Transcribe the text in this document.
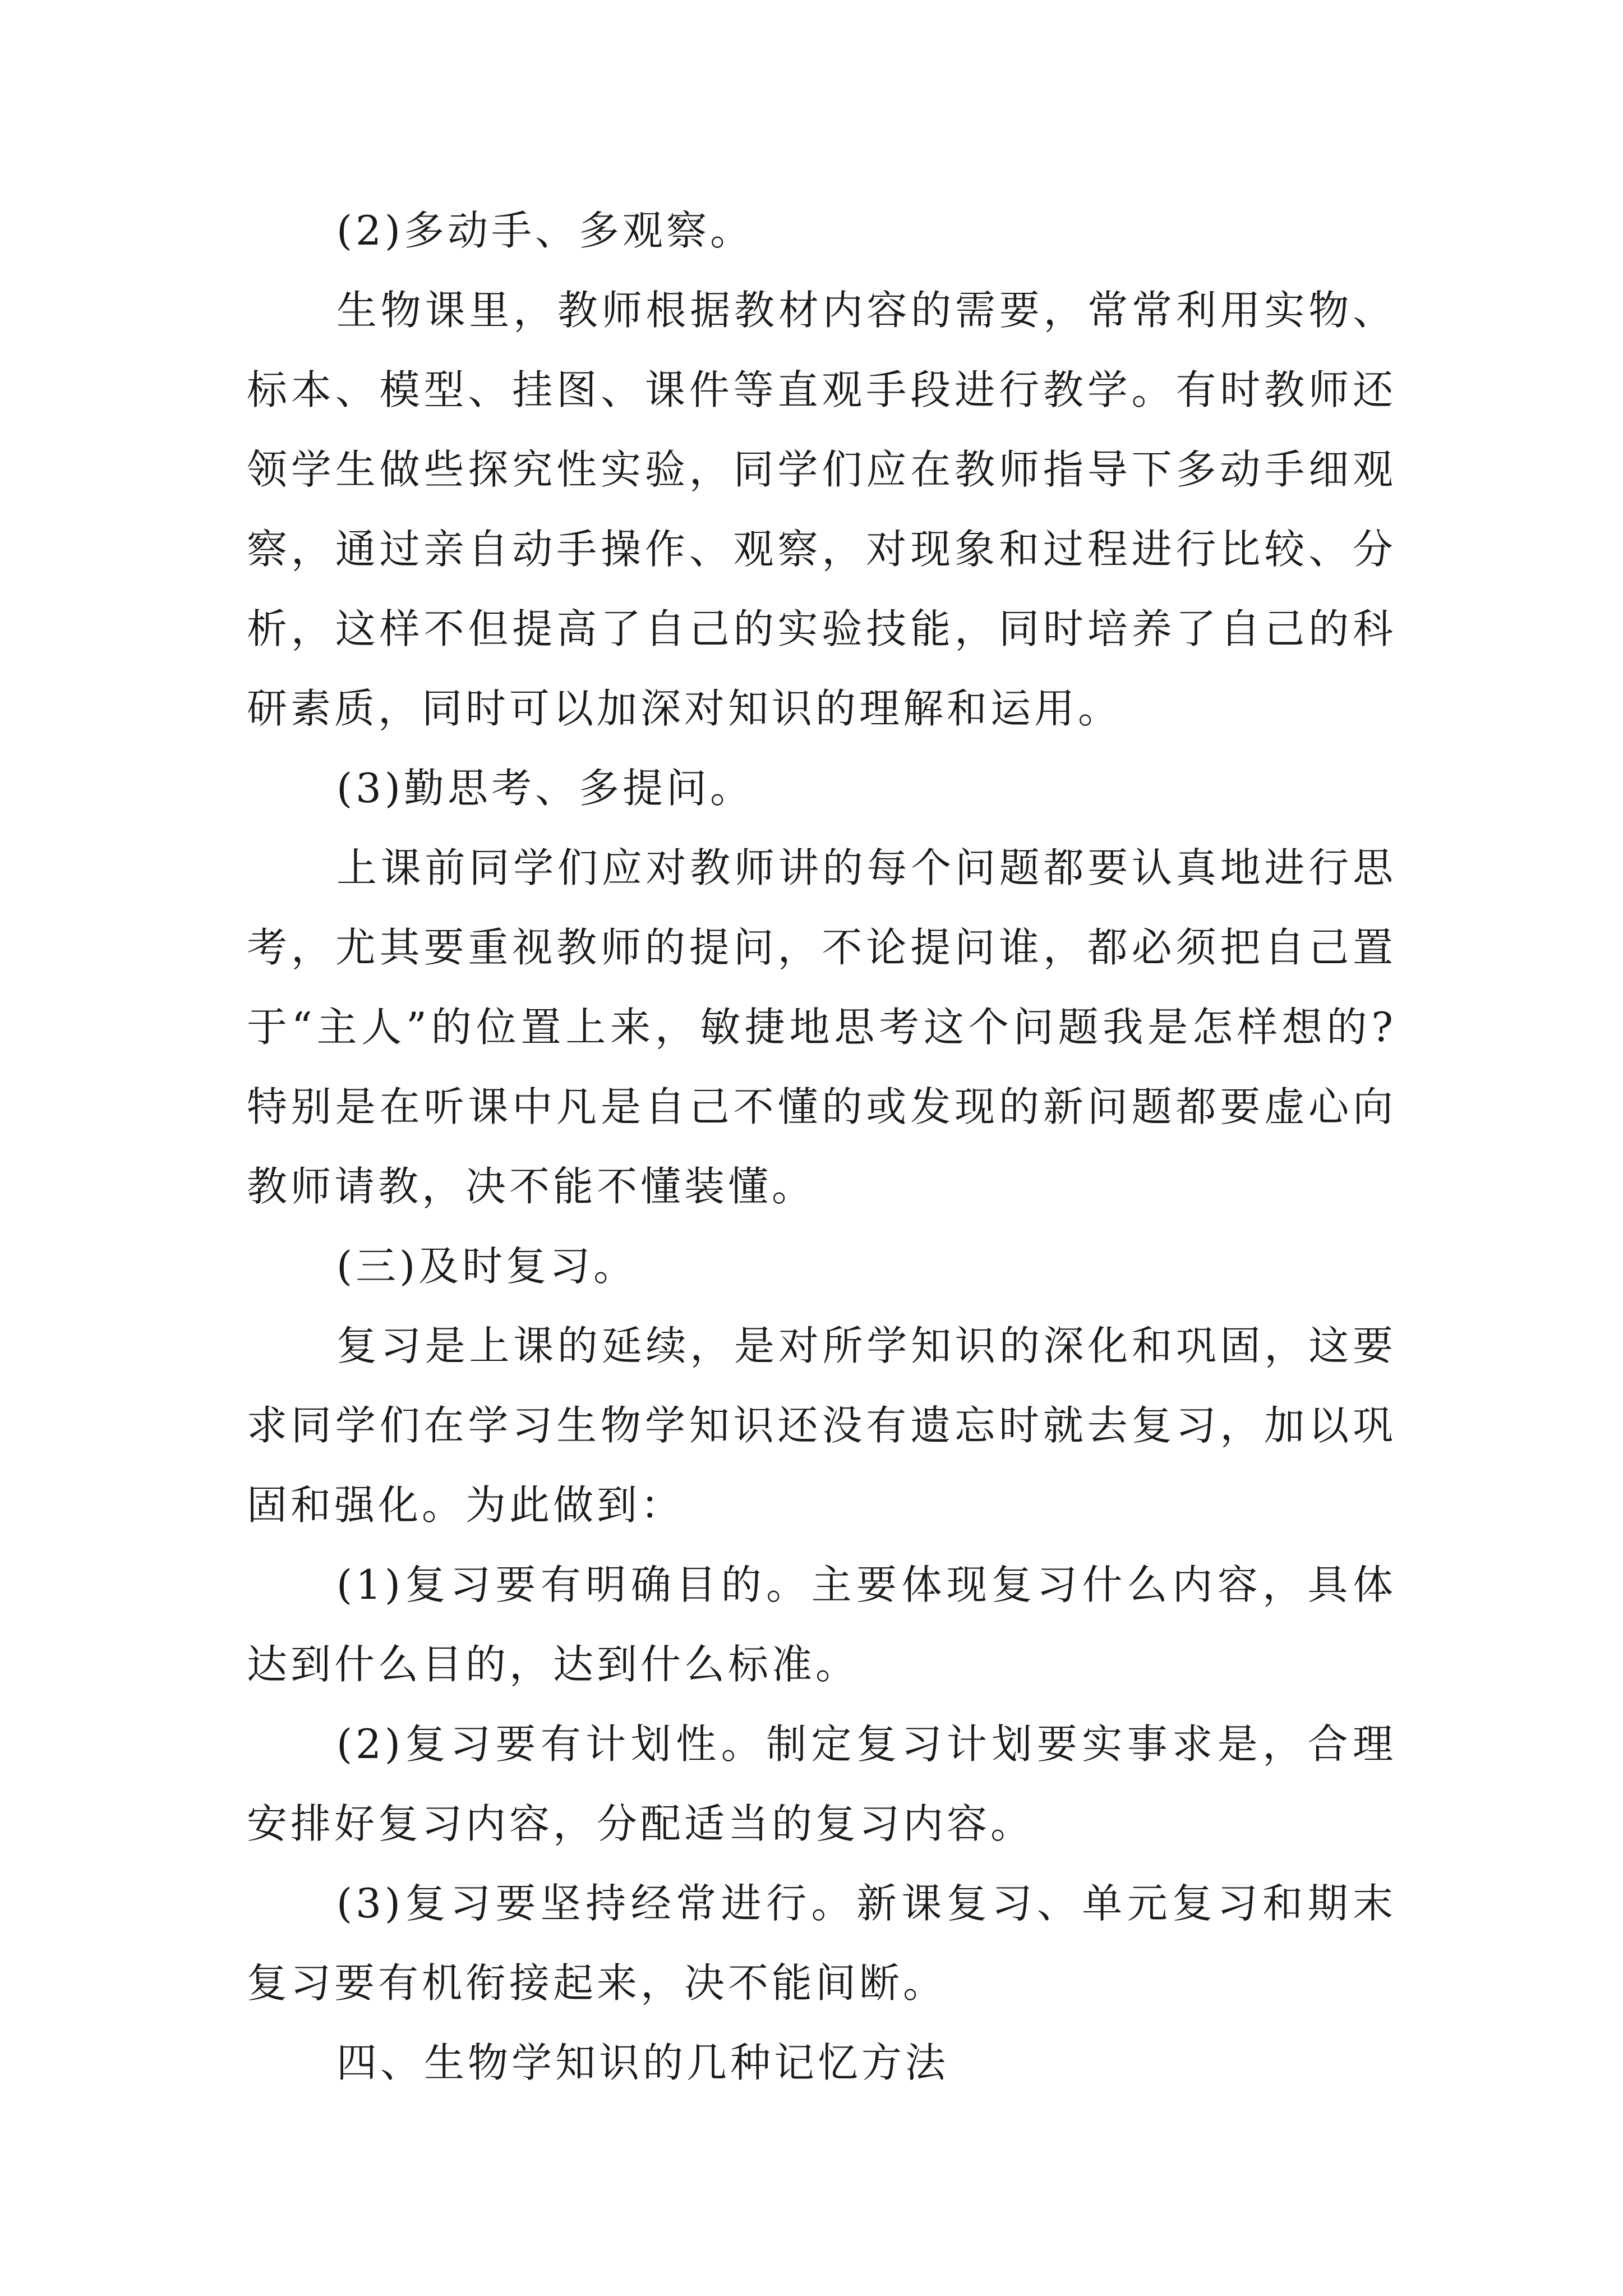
(2)多动手、多观察。

生物课里，教师根据教材内容的需要，常常利用实物、标本、模型、挂图、课件等直观手段进行教学。有时教师还领学生做些探究性实验，同学们应在教师指导下多动手细观察，通过亲自动手操作、观察，对现象和过程进行比较、分析，这样不但提高了自己的实验技能，同时培养了自己的科研素质，同时可以加深对知识的理解和运用。

(3)勤思考、多提问。

上课前同学们应对教师讲的每个问题都要认真地进行思考，尤其要重视教师的提问，不论提问谁，都必须把自己置于“主人”的位置上来，敏捷地思考这个问题我是怎样想的?特别是在听课中凡是自己不懂的或发现的新问题都要虚心向教师请教，决不能不懂装懂。

(三)及时复习。

复习是上课的延续，是对所学知识的深化和巩固，这要求同学们在学习生物学知识还没有遗忘时就去复习，加以巩固和强化。为此做到：

(1)复习要有明确目的。主要体现复习什么内容，具体达到什么目的，达到什么标准。

(2)复习要有计划性。制定复习计划要实事求是，合理安排好复习内容，分配适当的复习内容。

(3)复习要坚持经常进行。新课复习、单元复习和期末复习要有机衔接起来，决不能间断。

四、生物学知识的几种记忆方法
